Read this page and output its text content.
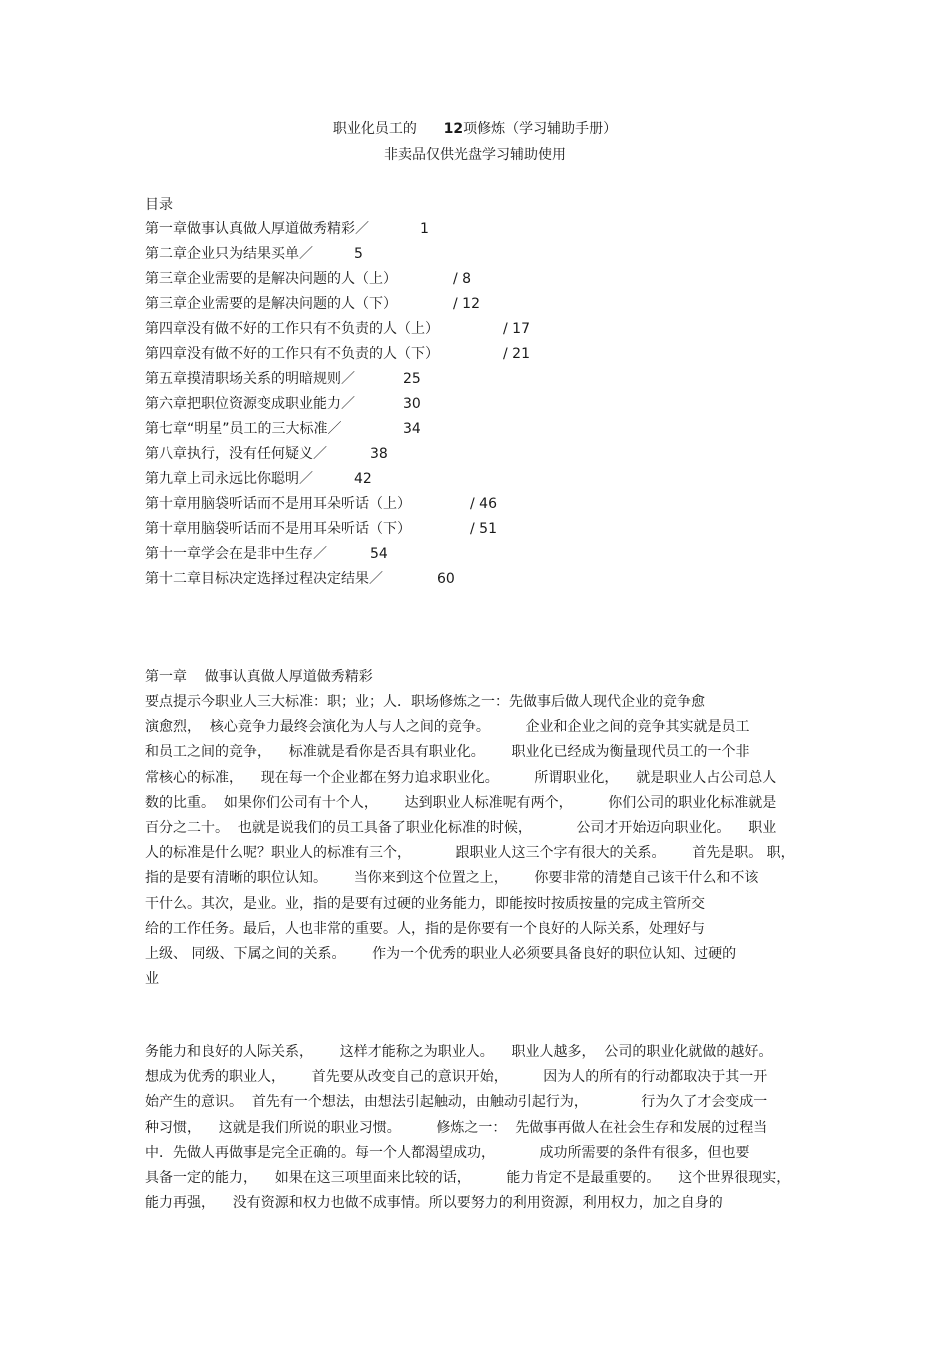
职业化员工的 12项修炼（学习辅助手册）
非卖品仅供光盘学习辅助使用
目录
第一章做事认真做人厚道做秀精彩／	1
第二章企业只为结果买单／	5
第三章企业需要的是解决问题的人（上）	/ 8
第三章企业需要的是解决问题的人（下）	/ 12
第四章没有做不好的工作只有不负责的人（上）	/ 17
第四章没有做不好的工作只有不负责的人（下）	/ 21
第五章摸清职场关系的明暗规则／	25
第六章把职位资源变成职业能力／	30
第七章“明星”员工的三大标准／	34
第八章执行，没有任何疑义／	38
第九章上司永远比你聪明／	42
第十章用脑袋听话而不是用耳朵听话（上）	/ 46
第十章用脑袋听话而不是用耳朵听话（下）	/ 51
第十一章学会在是非中生存／	54
第十二章目标决定选择过程决定结果／	60
第一章    做事认真做人厚道做秀精彩
要点提示今职业人三大标准：职；业；人．职场修炼之一：先做事后做人现代企业的竞争愈
演愈烈，  核心竞争力最终会演化为人与人之间的竞争。        企业和企业之间的竞争其实就是员工
和员工之间的竞争，    标准就是看你是否具有职业化。      职业化已经成为衡量现代员工的一个非
常核心的标准，    现在每一个企业都在努力追求职业化。        所谓职业化，    就是职业人占公司总人
数的比重。  如果你们公司有十个人，      达到职业人标准呢有两个，        你们公司的职业化标准就是
百分之二十。  也就是说我们的员工具备了职业化标准的时候，          公司才开始迈向职业化。    职业
人的标准是什么呢？职业人的标准有三个，          跟职业人这三个字有很大的关系。      首先是职。 职，
指的是要有清晰的职位认知。      当你来到这个位置之上，      你要非常的清楚自己该干什么和不该
干什么。其次，是业。业，指的是要有过硬的业务能力，即能按时按质按量的完成主管所交
给的工作任务。最后，人也非常的重要。人，指的是你要有一个良好的人际关系，处理好与
上级、 同级、下属之间的关系。      作为一个优秀的职业人必须要具备良好的职位认知、过硬的
业
务能力和良好的人际关系，      这样才能称之为职业人。    职业人越多，  公司的职业化就做的越好。
想成为优秀的职业人，      首先要从改变自己的意识开始，        因为人的所有的行动都取决于其一开
始产生的意识。  首先有一个想法，由想法引起触动，由触动引起行为，            行为久了才会变成一
种习惯，    这就是我们所说的职业习惯。        修炼之一：  先做事再做人在社会生存和发展的过程当
中．先做人再做事是完全正确的。每一个人都渴望成功，          成功所需要的条件有很多，但也要
具备一定的能力，    如果在这三项里面来比较的话，        能力肯定不是最重要的。    这个世界很现实，
能力再强，    没有资源和权力也做不成事情。所以要努力的利用资源，利用权力，加之自身的
